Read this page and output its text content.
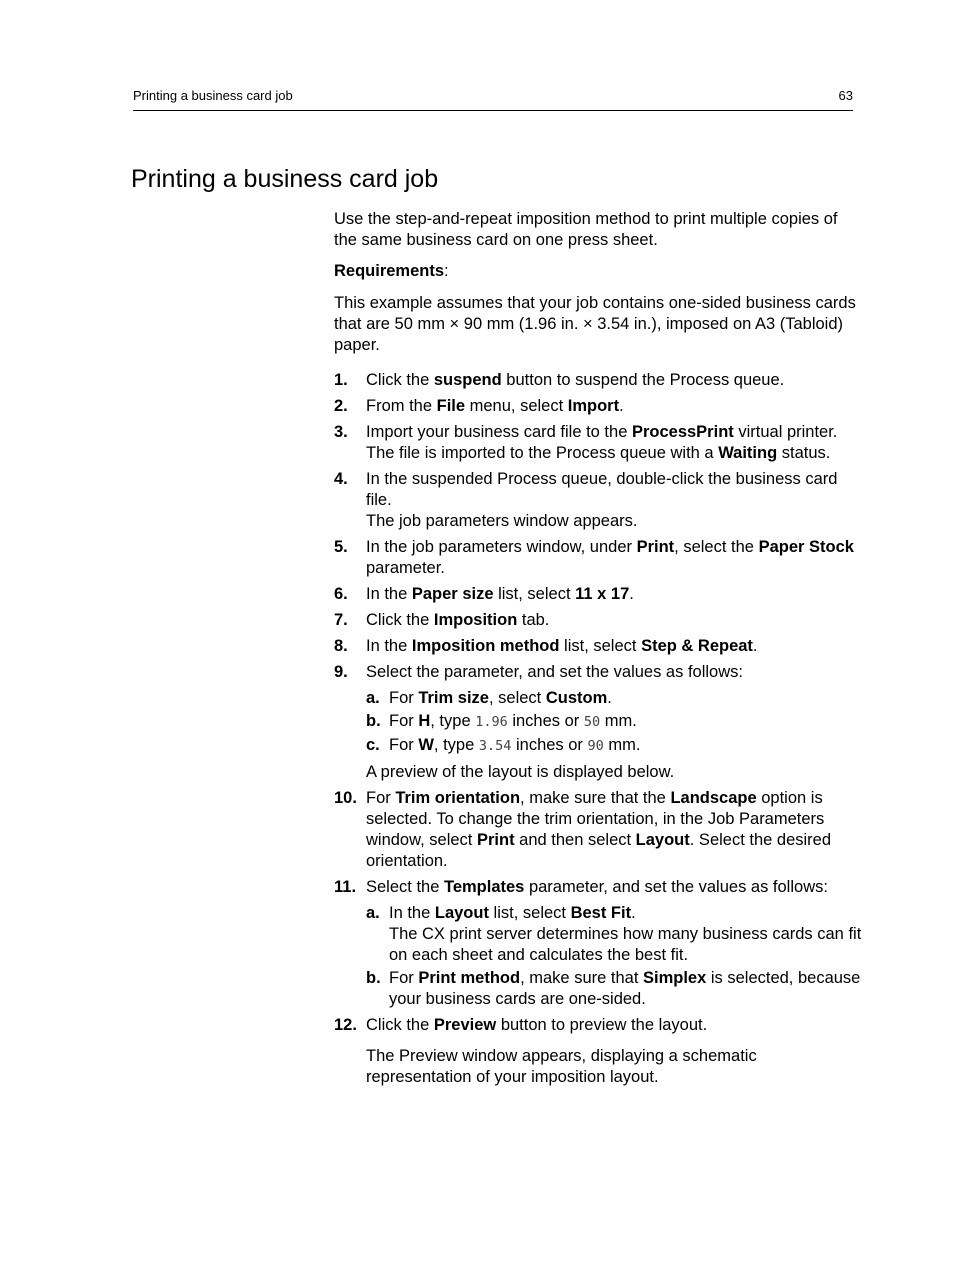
Printing a business card job	63
Printing a business card job

Use the step-and-repeat imposition method to print multiple copies of the same business card on one press sheet.

Requirements:

This example assumes that your job contains one-sided business cards that are 50 mm × 90 mm (1.96 in. × 3.54 in.), imposed on A3 (Tabloid) paper.

1. Click the suspend button to suspend the Process queue.
2. From the File menu, select Import.
3. Import your business card file to the ProcessPrint virtual printer.
The file is imported to the Process queue with a Waiting status.
4. In the suspended Process queue, double-click the business card file.
The job parameters window appears.
5. In the job parameters window, under Print, select the Paper Stock parameter.
6. In the Paper size list, select 11 x 17.
7. Click the Imposition tab.
8. In the Imposition method list, select Step & Repeat.
9. Select the parameter, and set the values as follows:
a. For Trim size, select Custom.
b. For H, type 1.96 inches or 50 mm.
c. For W, type 3.54 inches or 90 mm.

A preview of the layout is displayed below.

10. For Trim orientation, make sure that the Landscape option is selected. To change the trim orientation, in the Job Parameters window, select Print and then select Layout. Select the desired orientation.
11. Select the Templates parameter, and set the values as follows:
a. In the Layout list, select Best Fit.
The CX print server determines how many business cards can fit on each sheet and calculates the best fit.
b. For Print method, make sure that Simplex is selected, because your business cards are one-sided.
12. Click the Preview button to preview the layout.

The Preview window appears, displaying a schematic representation of your imposition layout.
